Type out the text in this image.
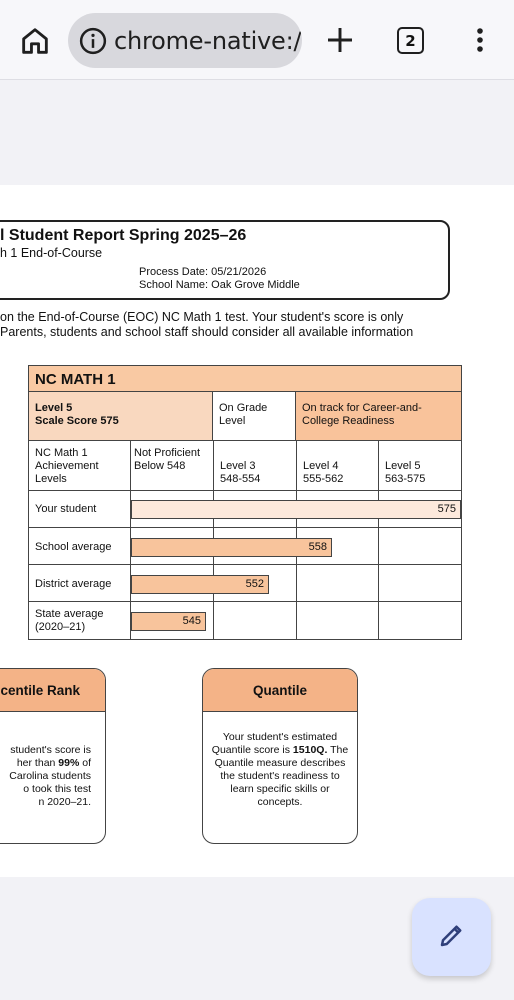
chrome-native:/	2
l Student Report Spring 2025–26
h 1 End-of-Course
Process Date: 05/21/2026
School Name: Oak Grove Middle
on the End-of-Course (EOC) NC Math 1 test. Your student's score is only
Parents, students and school staff should consider all available information
NC MATH 1
Level 5
Scale Score 575
On Grade Level
On track for Career-and-College Readiness
NC Math 1 Achievement Levels
Not Proficient
Below 548	Level 3
548-554
Level 4
555-562
Level 5
563-575
Your student
School average
District average
State average (2020–21)
575
558
552
545
centile Rank
student's score is
her than 99% of
Carolina students
o took this test
n 2020–21.
Quantile
Your student's estimated Quantile score is 1510Q. The Quantile measure describes the student's readiness to learn specific skills or concepts.
